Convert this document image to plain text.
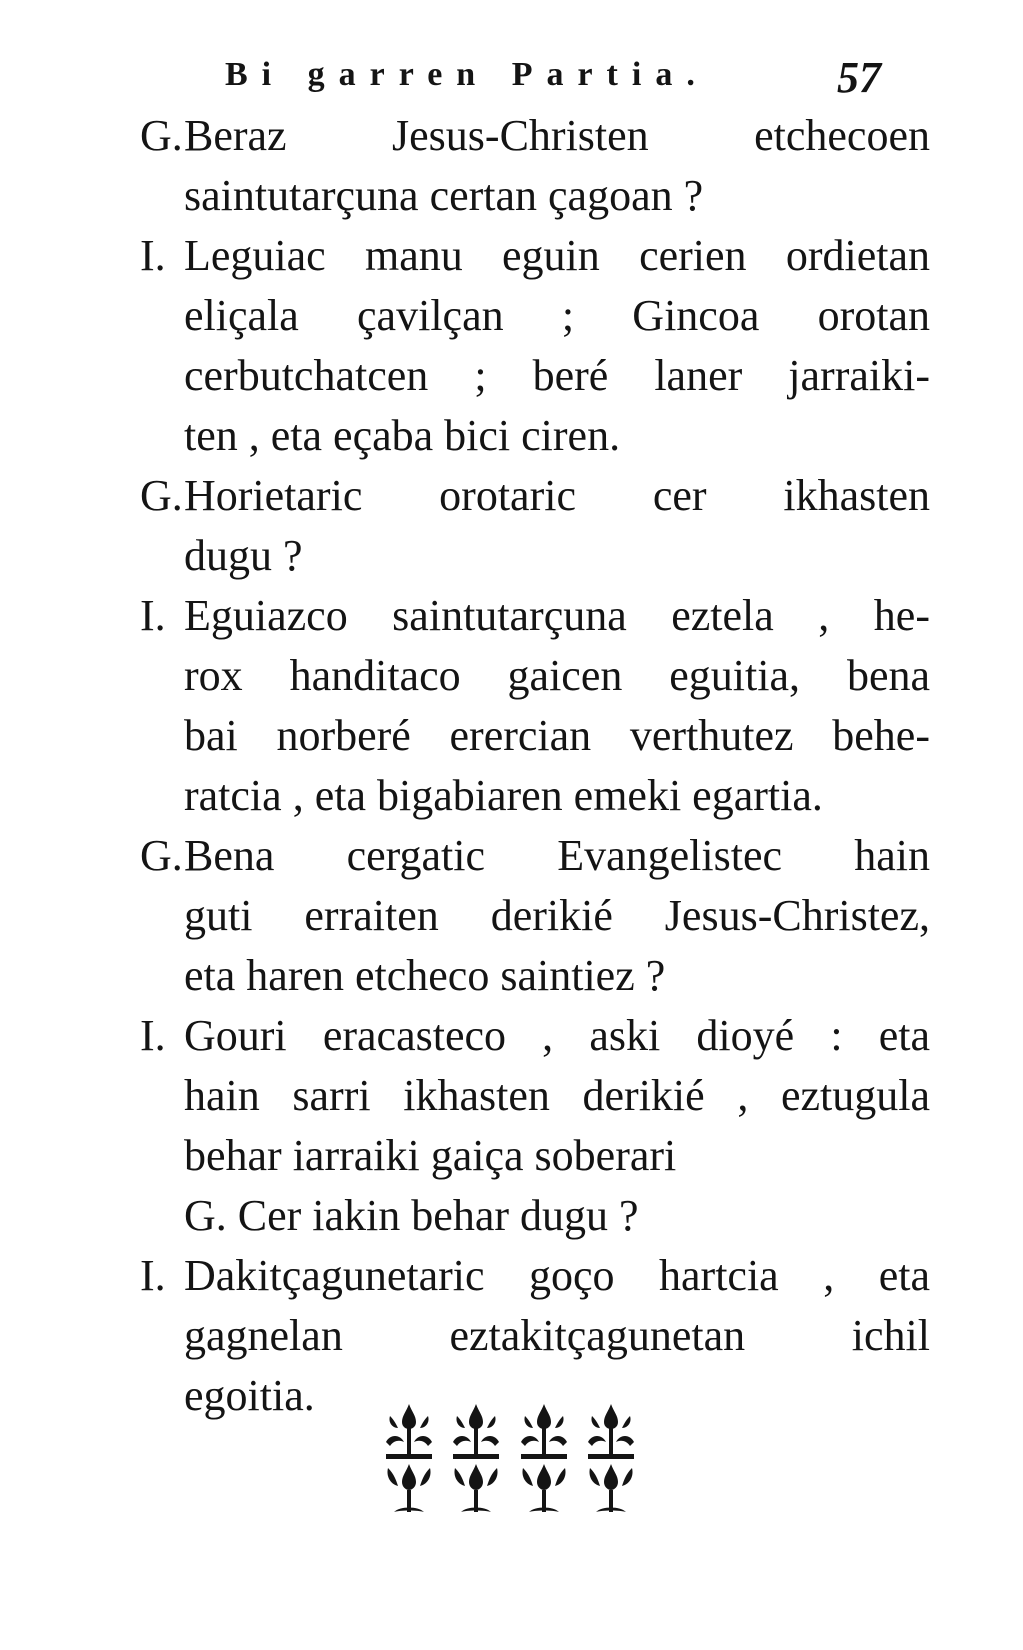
Bi garren Partia.	57
G. Beraz Jesus-Christen etchecoen
saintutarçuna certan çagoan ?
I. Leguiac manu eguin cerien ordietan
eliçala çavilçan ; Gincoa orotan
cerbutchatcen ; beré laner jarraiki-
ten , eta eçaba bici ciren.
G. Horietaric orotaric cer ikhasten
dugu ?
I. Eguiazco saintutarçuna eztela , he-
rox handitaco gaicen eguitia, bena
bai norberé erercian verthutez behe-
ratcia , eta bigabiaren emeki egartia.
G. Bena cergatic Evangelistec hain
guti erraiten derikié Jesus-Christez,
eta haren etcheco saintiez ?
I. Gouri eracasteco , aski dioyé : eta
hain sarri ikhasten derikié , eztugula
behar iarraiki gaiça soberari
G. Cer iakin behar dugu ?
I. Dakitçagunetaric goço hartcia , eta
gagnelan eztakitçagunetan ichil
egoitia.
